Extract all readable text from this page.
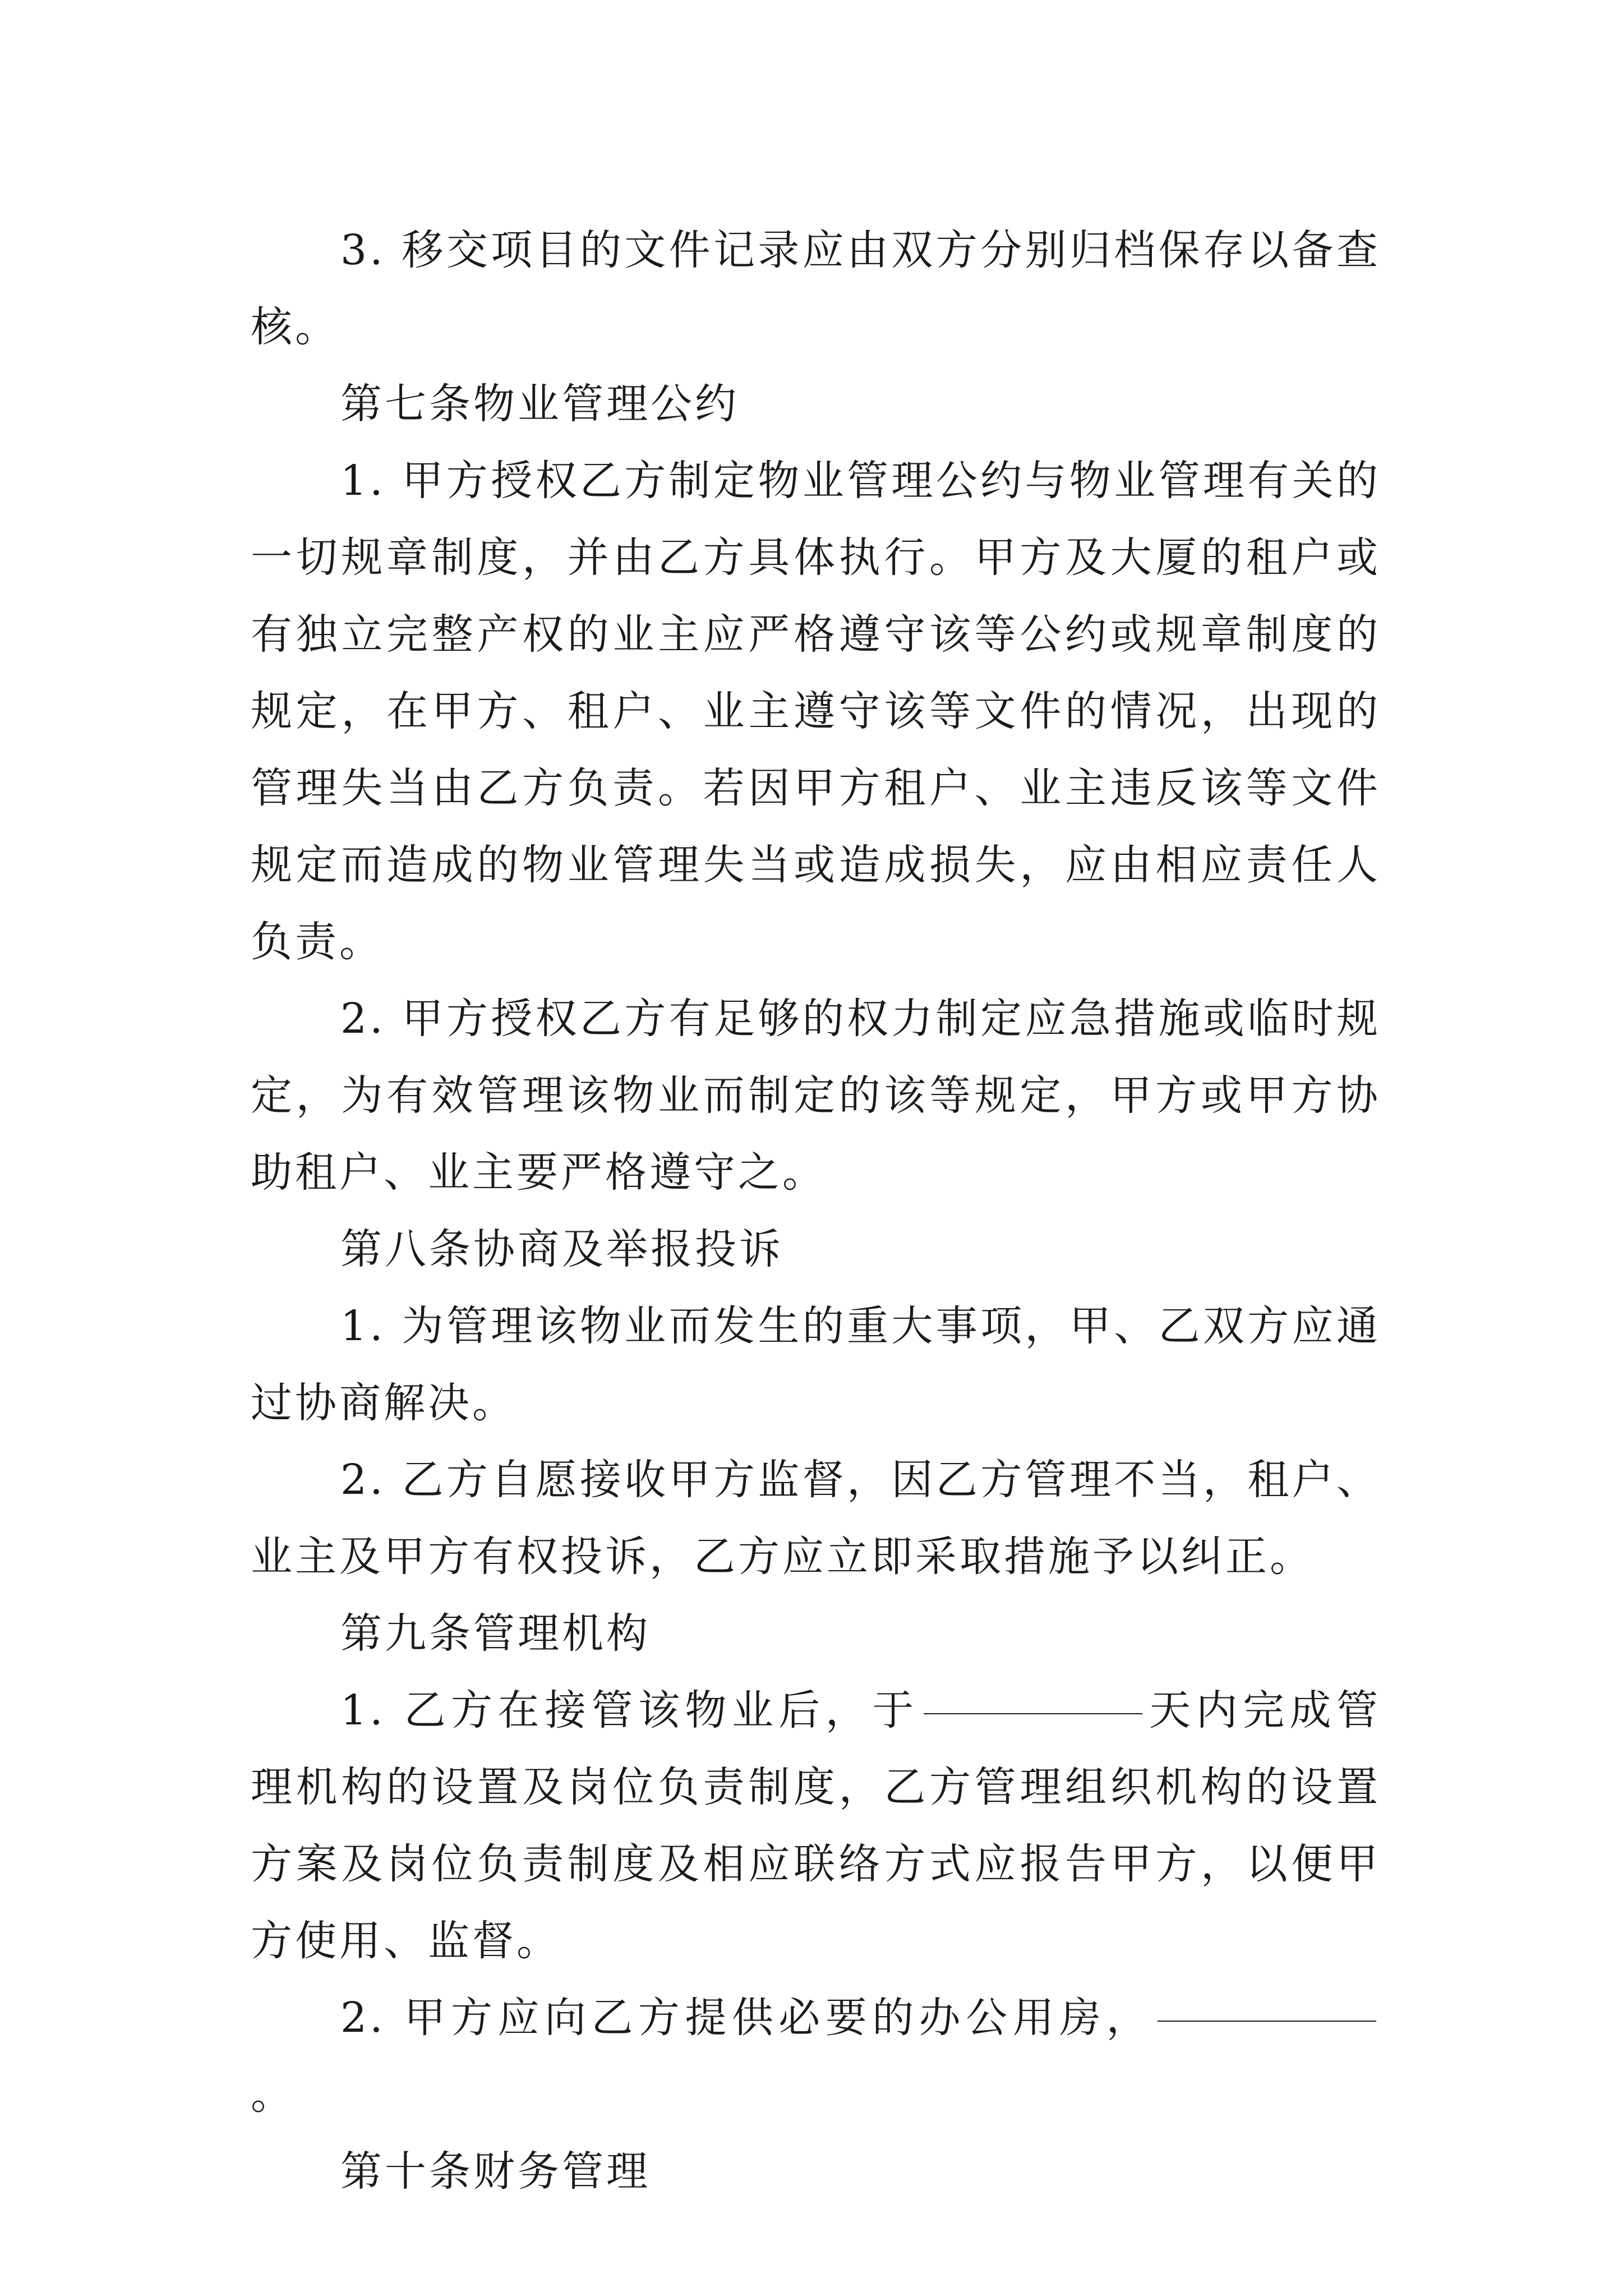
3. 移交项目的文件记录应由双方分别归档保存以备查核。

第七条物业管理公约

1. 甲方授权乙方制定物业管理公约与物业管理有关的一切规章制度，并由乙方具体执行。甲方及大厦的租户或有独立完整产权的业主应严格遵守该等公约或规章制度的规定，在甲方、租户、业主遵守该等文件的情况，出现的管理失当由乙方负责。若因甲方租户、业主违反该等文件规定而造成的物业管理失当或造成损失，应由相应责任人负责。

2. 甲方授权乙方有足够的权力制定应急措施或临时规定，为有效管理该物业而制定的该等规定，甲方或甲方协助租户、业主要严格遵守之。

第八条协商及举报投诉

1. 为管理该物业而发生的重大事项，甲、乙双方应通过协商解决。

2. 乙方自愿接收甲方监督，因乙方管理不当，租户、业主及甲方有权投诉，乙方应立即采取措施予以纠正。

第九条管理机构

1. 乙方在接管该物业后，于	天内完成管理机构的设置及岗位负责制度，乙方管理组织机构的设置方案及岗位负责制度及相应联络方式应报告甲方，以便甲方使用、监督。

2. 甲方应向乙方提供必要的办公用房，。

第十条财务管理
